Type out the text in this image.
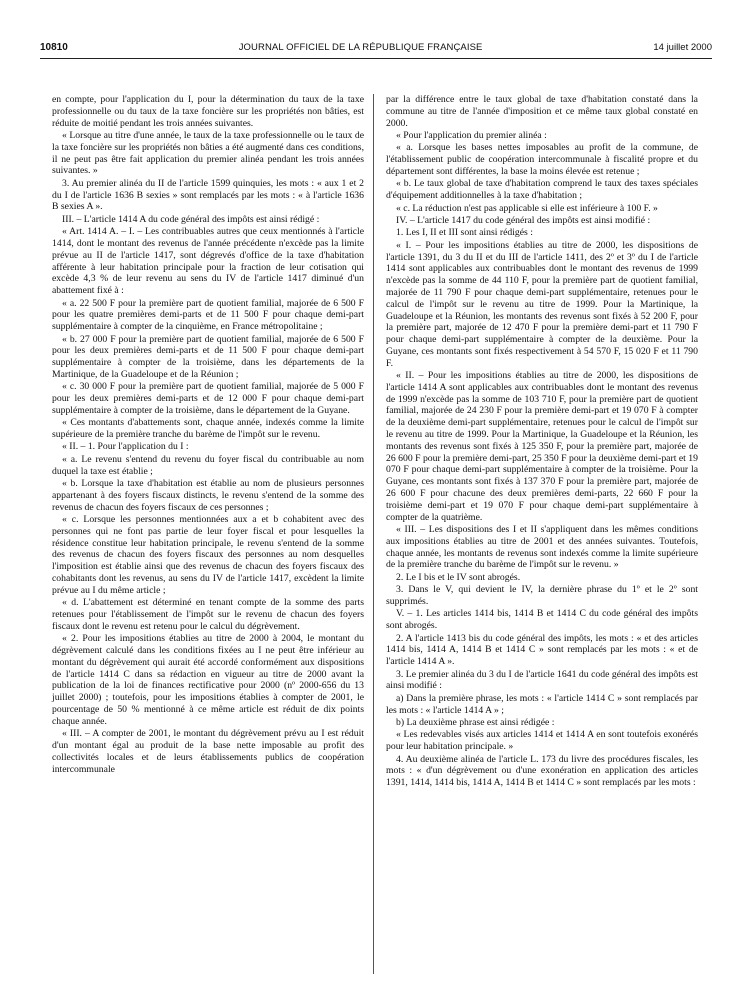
10810	JOURNAL OFFICIEL DE LA RÉPUBLIQUE FRANÇAISE	14 juillet 2000

en compte, pour l'application du I, pour la détermination du taux de la taxe professionnelle ou du taux de la taxe foncière sur les propriétés non bâties, est réduite de moitié pendant les trois années suivantes.

« Lorsque au titre d'une année, le taux de la taxe professionnelle ou le taux de la taxe foncière sur les propriétés non bâties a été augmenté dans ces conditions, il ne peut pas être fait application du premier alinéa pendant les trois années suivantes. »

3. Au premier alinéa du II de l'article 1599 quinquies, les mots : « aux 1 et 2 du I de l'article 1636 B sexies » sont remplacés par les mots : « à l'article 1636 B sexies A ».

III. – L'article 1414 A du code général des impôts est ainsi rédigé :

« Art. 1414 A. – I. – Les contribuables autres que ceux mentionnés à l'article 1414, dont le montant des revenus de l'année précédente n'excède pas la limite prévue au II de l'article 1417, sont dégrevés d'office de la taxe d'habitation afférente à leur habitation principale pour la fraction de leur cotisation qui excède 4,3 % de leur revenu au sens du IV de l'article 1417 diminué d'un abattement fixé à :

« a. 22 500 F pour la première part de quotient familial, majorée de 6 500 F pour les quatre premières demi-parts et de 11 500 F pour chaque demi-part supplémentaire à compter de la cinquième, en France métropolitaine ;

« b. 27 000 F pour la première part de quotient familial, majorée de 6 500 F pour les deux premières demi-parts et de 11 500 F pour chaque demi-part supplémentaire à compter de la troisième, dans les départements de la Martinique, de la Guadeloupe et de la Réunion ;

« c. 30 000 F pour la première part de quotient familial, majorée de 5 000 F pour les deux premières demi-parts et de 12 000 F pour chaque demi-part supplémentaire à compter de la troisième, dans le département de la Guyane.

« Ces montants d'abattements sont, chaque année, indexés comme la limite supérieure de la première tranche du barème de l'impôt sur le revenu.

« II. – 1. Pour l'application du I :

« a. Le revenu s'entend du revenu du foyer fiscal du contribuable au nom duquel la taxe est établie ;

« b. Lorsque la taxe d'habitation est établie au nom de plusieurs personnes appartenant à des foyers fiscaux distincts, le revenu s'entend de la somme des revenus de chacun des foyers fiscaux de ces personnes ;

« c. Lorsque les personnes mentionnées aux a et b cohabitent avec des personnes qui ne font pas partie de leur foyer fiscal et pour lesquelles la résidence constitue leur habitation principale, le revenu s'entend de la somme des revenus de chacun des foyers fiscaux des personnes au nom desquelles l'imposition est établie ainsi que des revenus de chacun des foyers fiscaux des cohabitants dont les revenus, au sens du IV de l'article 1417, excèdent la limite prévue au I du même article ;

« d. L'abattement est déterminé en tenant compte de la somme des parts retenues pour l'établissement de l'impôt sur le revenu de chacun des foyers fiscaux dont le revenu est retenu pour le calcul du dégrèvement.

« 2. Pour les impositions établies au titre de 2000 à 2004, le montant du dégrèvement calculé dans les conditions fixées au I ne peut être inférieur au montant du dégrèvement qui aurait été accordé conformément aux dispositions de l'article 1414 C dans sa rédaction en vigueur au titre de 2000 avant la publication de la loi de finances rectificative pour 2000 (nº 2000-656 du 13 juillet 2000) ; toutefois, pour les impositions établies à compter de 2001, le pourcentage de 50 % mentionné à ce même article est réduit de dix points chaque année.

« III. – A compter de 2001, le montant du dégrèvement prévu au I est réduit d'un montant égal au produit de la base nette imposable au profit des collectivités locales et de leurs établissements publics de coopération intercommunale

par la différence entre le taux global de taxe d'habitation constaté dans la commune au titre de l'année d'imposition et ce même taux global constaté en 2000.

« Pour l'application du premier alinéa :

« a. Lorsque les bases nettes imposables au profit de la commune, de l'établissement public de coopération intercommunale à fiscalité propre et du département sont différentes, la base la moins élevée est retenue ;

« b. Le taux global de taxe d'habitation comprend le taux des taxes spéciales d'équipement additionnelles à la taxe d'habitation ;

« c. La réduction n'est pas applicable si elle est inférieure à 100 F. »

IV. – L'article 1417 du code général des impôts est ainsi modifié :

1. Les I, II et III sont ainsi rédigés :

« I. – Pour les impositions établies au titre de 2000, les dispositions de l'article 1391, du 3 du II et du III de l'article 1411, des 2º et 3º du I de l'article 1414 sont applicables aux contribuables dont le montant des revenus de 1999 n'excède pas la somme de 44 110 F, pour la première part de quotient familial, majorée de 11 790 F pour chaque demi-part supplémentaire, retenues pour le calcul de l'impôt sur le revenu au titre de 1999. Pour la Martinique, la Guadeloupe et la Réunion, les montants des revenus sont fixés à 52 200 F, pour la première part, majorée de 12 470 F pour la première demi-part et 11 790 F pour chaque demi-part supplémentaire à compter de la deuxième. Pour la Guyane, ces montants sont fixés respectivement à 54 570 F, 15 020 F et 11 790 F.

« II. – Pour les impositions établies au titre de 2000, les dispositions de l'article 1414 A sont applicables aux contribuables dont le montant des revenus de 1999 n'excède pas la somme de 103 710 F, pour la première part de quotient familial, majorée de 24 230 F pour la première demi-part et 19 070 F à compter de la deuxième demi-part supplémentaire, retenues pour le calcul de l'impôt sur le revenu au titre de 1999. Pour la Martinique, la Guadeloupe et la Réunion, les montants des revenus sont fixés à 125 350 F, pour la première part, majorée de 26 600 F pour la première demi-part, 25 350 F pour la deuxième demi-part et 19 070 F pour chaque demi-part supplémentaire à compter de la troisième. Pour la Guyane, ces montants sont fixés à 137 370 F pour la première part, majorée de 26 600 F pour chacune des deux premières demi-parts, 22 660 F pour la troisième demi-part et 19 070 F pour chaque demi-part supplémentaire à compter de la quatrième.

« III. – Les dispositions des I et II s'appliquent dans les mêmes conditions aux impositions établies au titre de 2001 et des années suivantes. Toutefois, chaque année, les montants de revenus sont indexés comme la limite supérieure de la première tranche du barème de l'impôt sur le revenu. »

2. Le I bis et le IV sont abrogés.

3. Dans le V, qui devient le IV, la dernière phrase du 1º et le 2º sont supprimés.

V. – 1. Les articles 1414 bis, 1414 B et 1414 C du code général des impôts sont abrogés.

2. A l'article 1413 bis du code général des impôts, les mots : « et des articles 1414 bis, 1414 A, 1414 B et 1414 C » sont remplacés par les mots : « et de l'article 1414 A ».

3. Le premier alinéa du 3 du I de l'article 1641 du code général des impôts est ainsi modifié :

a) Dans la première phrase, les mots : « l'article 1414 C » sont remplacés par les mots : « l'article 1414 A » ;

b) La deuxième phrase est ainsi rédigée :

« Les redevables visés aux articles 1414 et 1414 A en sont toutefois exonérés pour leur habitation principale. »

4. Au deuxième alinéa de l'article L. 173 du livre des procédures fiscales, les mots : « d'un dégrèvement ou d'une exonération en application des articles 1391, 1414, 1414 bis, 1414 A, 1414 B et 1414 C » sont remplacés par les mots :
